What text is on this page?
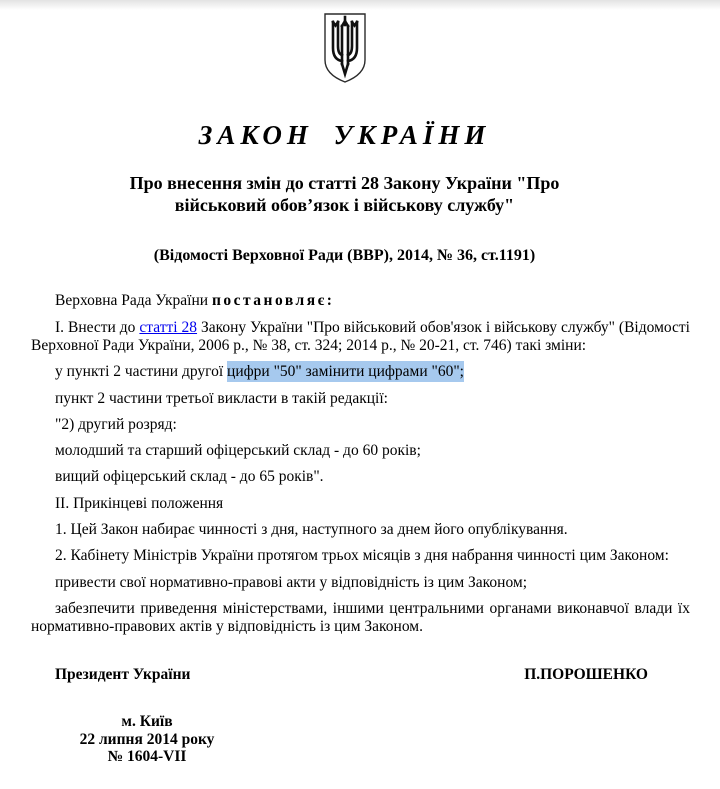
ЗАКОН УКРАЇНИ
Про внесення змін до статті 28 Закону України "Про військовий обов’язок і військову службу"
(Відомості Верховної Ради (ВВР), 2014, № 36, ст.1191)

Верховна Рада України постановляє:

I. Внести до статті 28 Закону України "Про військовий обов'язок і військову службу" (Відомості Верховної Ради України, 2006 р., № 38, ст. 324; 2014 р., № 20-21, ст. 746) такі зміни:

у пункті 2 частини другої цифри "50" замінити цифрами "60";

пункт 2 частини третьої викласти в такій редакції:

"2) другий розряд:

молодший та старший офіцерський склад - до 60 років;

вищий офіцерський склад - до 65 років".

II. Прикінцеві положення

1. Цей Закон набирає чинності з дня, наступного за днем його опублікування.

2. Кабінету Міністрів України протягом трьох місяців з дня набрання чинності цим Законом:

привести свої нормативно-правові акти у відповідність із цим Законом;

забезпечити приведення міністерствами, іншими центральними органами виконавчої влади їх нормативно-правових актів у відповідність із цим Законом.

Президент України	П.ПОРОШЕНКО
м. Київ
22 липня 2014 року
№ 1604-VII
